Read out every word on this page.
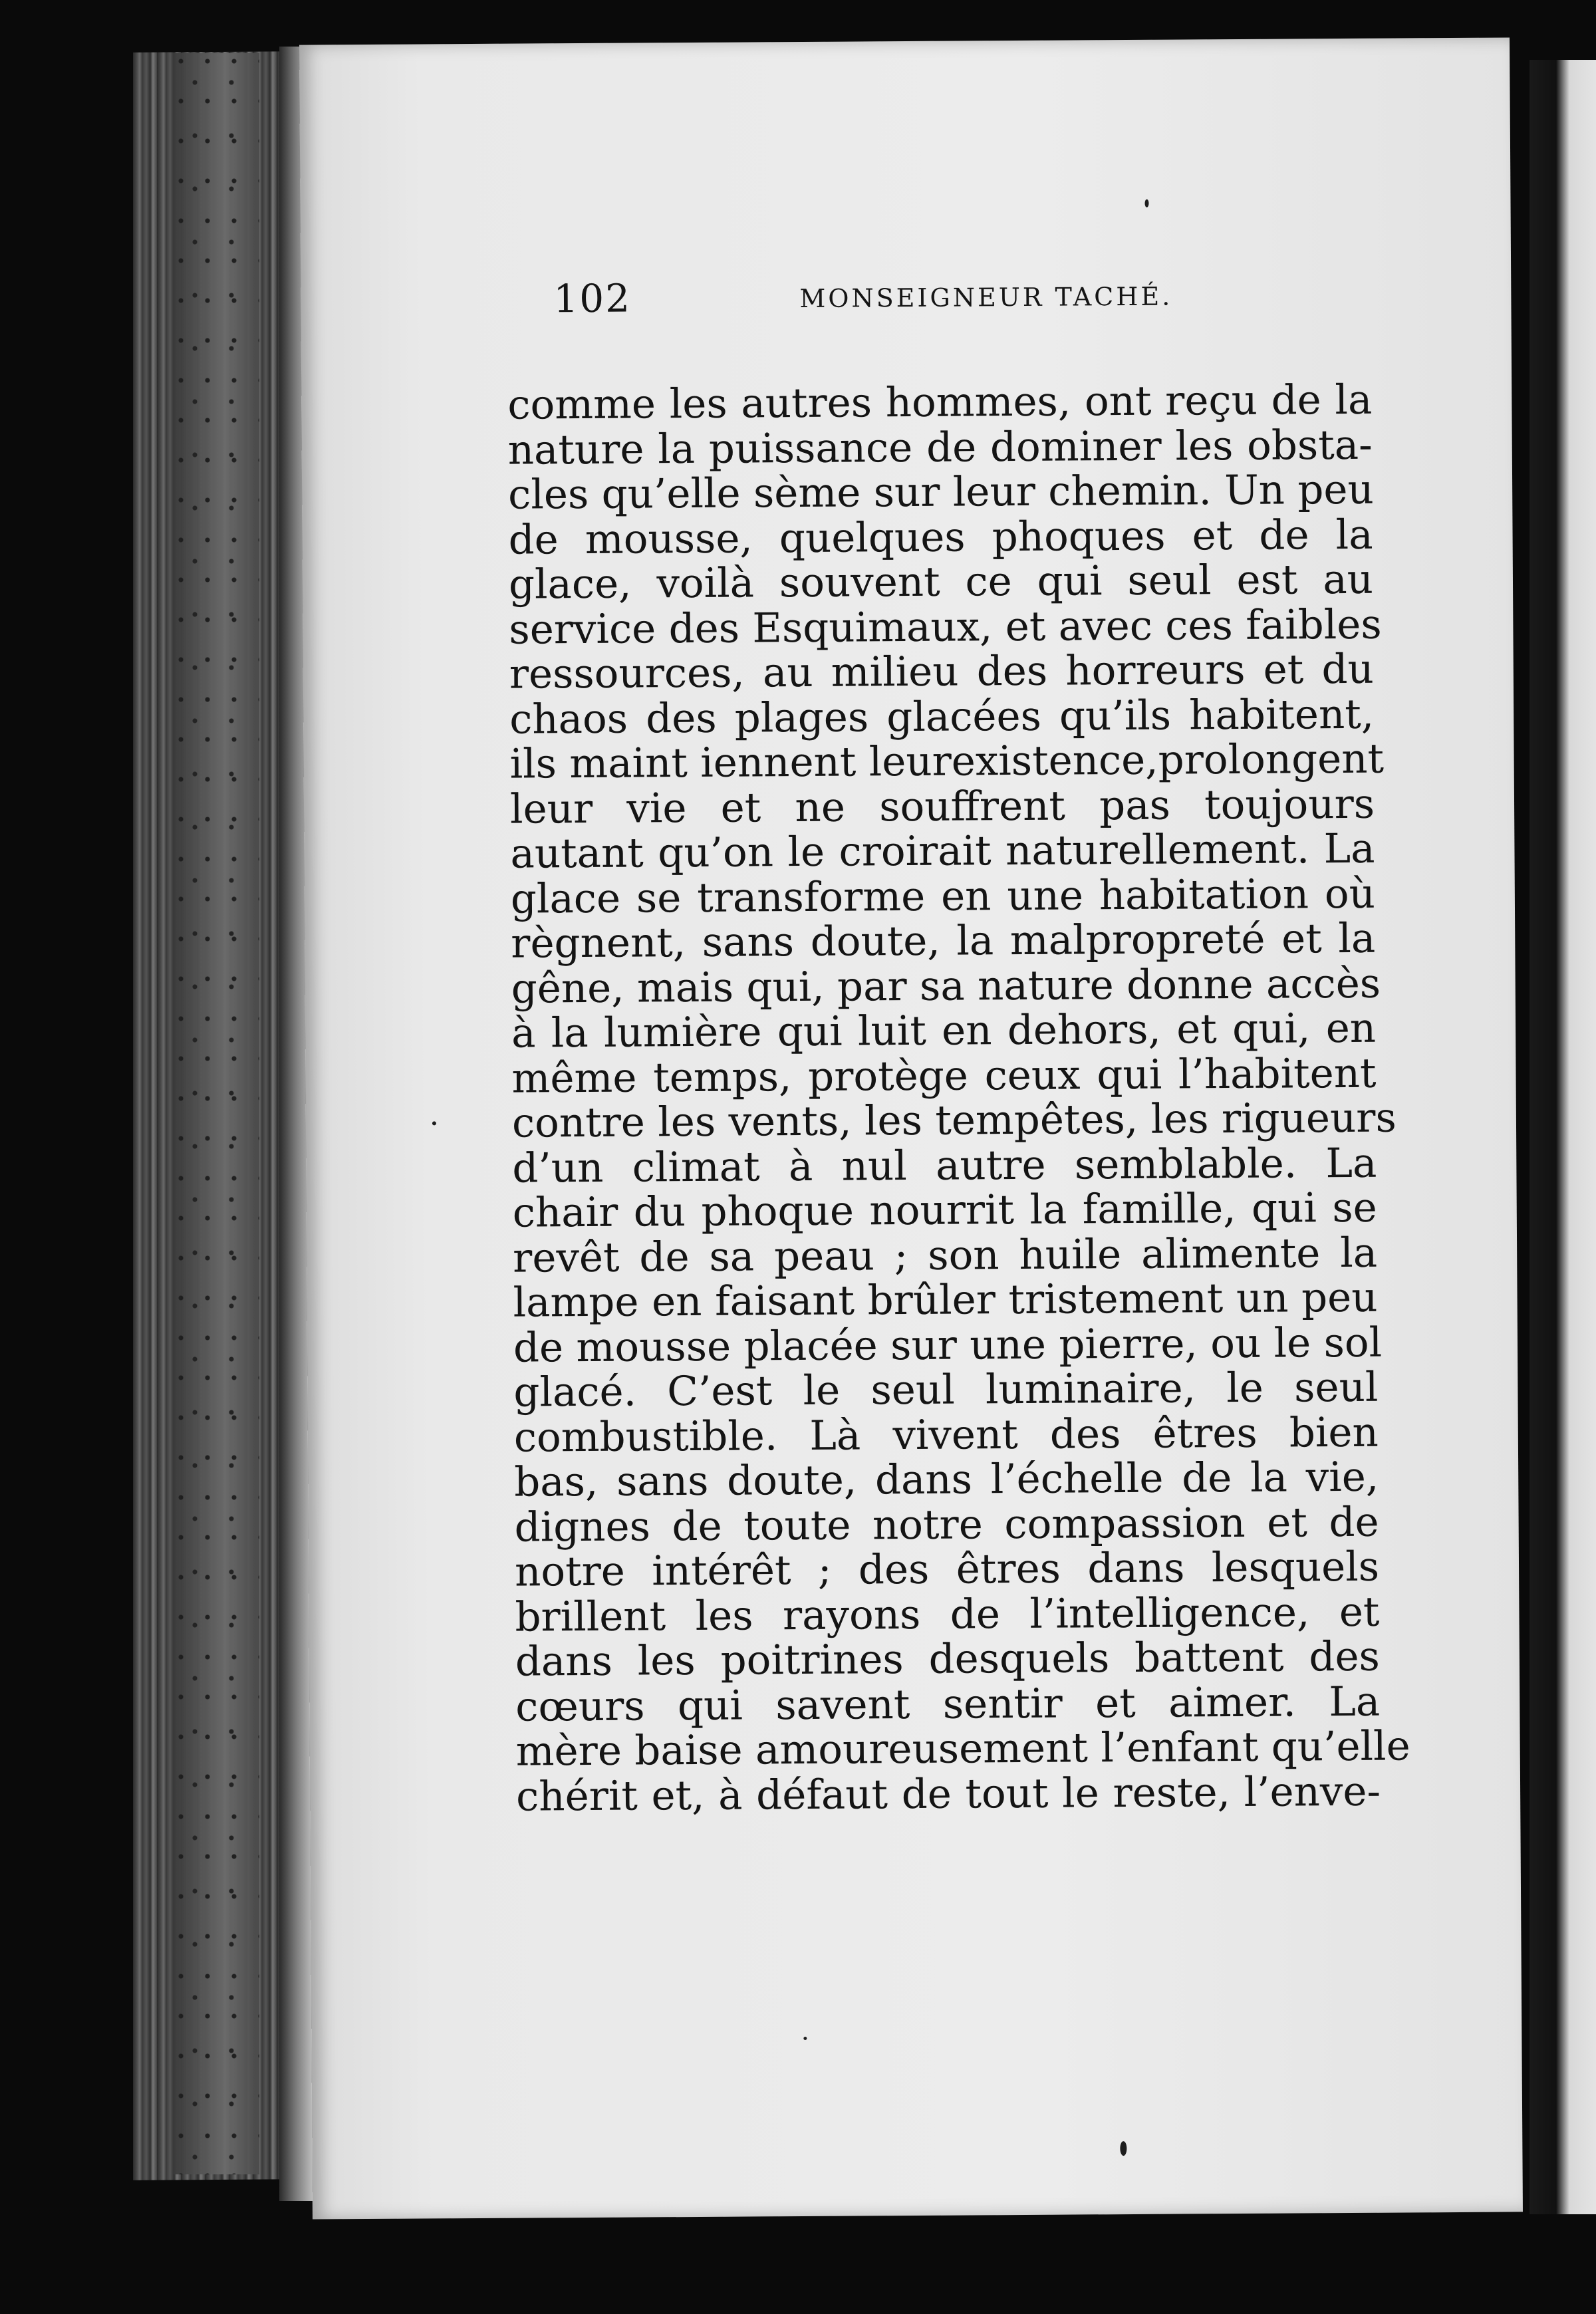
102	MONSEIGNEUR TACHÉ.
comme les autres hommes, ont reçu de la
nature la puissance de dominer les obsta-
cles qu’elle sème sur leur chemin. Un peu
de mousse, quelques phoques et de la
glace, voilà souvent ce qui seul est au
service des Esquimaux, et avec ces faibles
ressources, au milieu des horreurs et du
chaos des plages glacées qu’ils habitent,
ils maint iennent leurexistence,prolongent
leur vie et ne souffrent pas toujours
autant qu’on le croirait naturellement. La
glace se transforme en une habitation où
règnent, sans doute, la malpropreté et la
gêne, mais qui, par sa nature donne accès
à la lumière qui luit en dehors, et qui, en
même temps, protège ceux qui l’habitent
contre les vents, les tempêtes, les rigueurs
d’un climat à nul autre semblable. La
chair du phoque nourrit la famille, qui se
revêt de sa peau ; son huile alimente la
lampe en faisant brûler tristement un peu
de mousse placée sur une pierre, ou le sol
glacé. C’est le seul luminaire, le seul
combustible. Là vivent des êtres bien
bas, sans doute, dans l’échelle de la vie,
dignes de toute notre compassion et de
notre intérêt ; des êtres dans lesquels
brillent les rayons de l’intelligence, et
dans les poitrines desquels battent des
cœurs qui savent sentir et aimer. La
mère baise amoureusement l’enfant qu’elle
chérit et, à défaut de tout le reste, l’enve-
